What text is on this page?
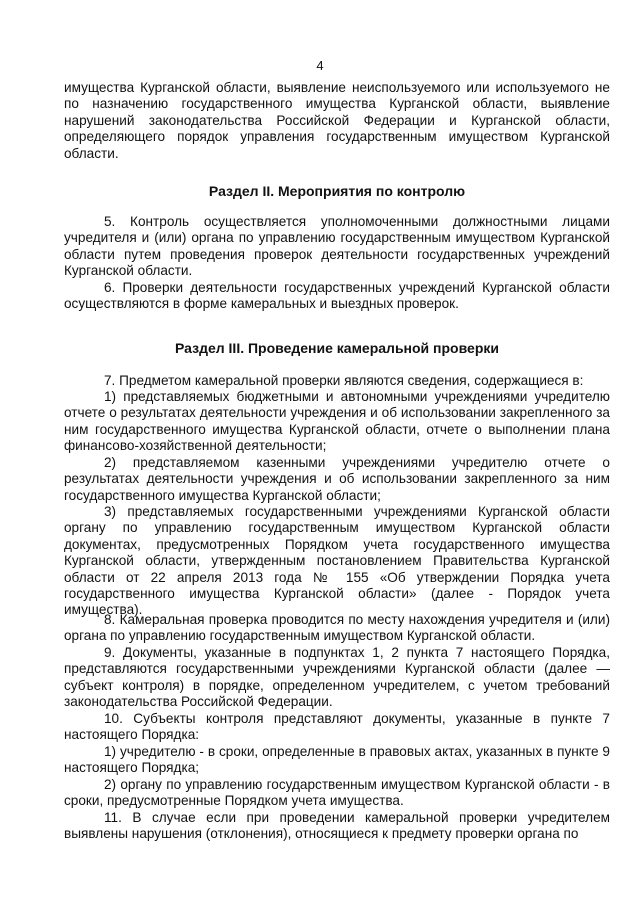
4

имущества Курганской области, выявление неиспользуемого или используемого не по назначению государственного имущества Курганской области, выявление нарушений законодательства Российской Федерации и Курганской области, определяющего порядок управления государственным имуществом Курганской области.

Раздел II. Мероприятия по контролю

5. Контроль осуществляется уполномоченными должностными лицами учредителя и (или) органа по управлению государственным имуществом Курганской области путем проведения проверок деятельности государственных учреждений Курганской области.

6. Проверки деятельности государственных учреждений Курганской области осуществляются в форме камеральных и выездных проверок.

Раздел III. Проведение камеральной проверки

7. Предметом камеральной проверки являются сведения, содержащиеся в:

1) представляемых бюджетными и автономными учреждениями учредителю отчете о результатах деятельности учреждения и об использовании закрепленного за ним государственного имущества Курганской области, отчете о выполнении плана финансово-хозяйственной деятельности;

2) представляемом казенными учреждениями учредителю отчете о результатах деятельности учреждения и об использовании закрепленного за ним государственного имущества Курганской области;

3) представляемых государственными учреждениями Курганской области органу по управлению государственным имуществом Курганской области документах, предусмотренных Порядком учета государственного имущества Курганской области, утвержденным постановлением Правительства Курганской области от 22 апреля 2013 года № 155 «Об утверждении Порядка учета государственного имущества Курганской области» (далее - Порядок учета имущества).

8. Камеральная проверка проводится по месту нахождения учредителя и (или) органа по управлению государственным имуществом Курганской области.

9. Документы, указанные в подпунктах 1, 2 пункта 7 настоящего Порядка, представляются государственными учреждениями Курганской области (далее — субъект контроля) в порядке, определенном учредителем, с учетом требований законодательства Российской Федерации.

10. Субъекты контроля представляют документы, указанные в пункте 7 настоящего Порядка:

1) учредителю - в сроки, определенные в правовых актах, указанных в пункте 9 настоящего Порядка;

2) органу по управлению государственным имуществом Курганской области - в сроки, предусмотренные Порядком учета имущества.

11. В случае если при проведении камеральной проверки учредителем выявлены нарушения (отклонения), относящиеся к предмету проверки органа по
